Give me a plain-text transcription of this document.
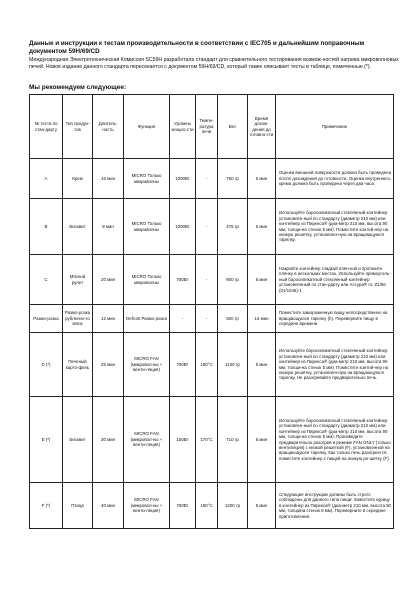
Данные и инструкции к тестам производительности в соответствии с IEC705 и дальнейшим поправочным документом 59H/69/CD
Международная Электротехническая Комиссия SC59H разработала стандарт для сравнительного тестирования возмож-ностей нагрева микроволновых печей. Новое издание данного стандарта пересекается с документом 59H/69/CD, который также описывает тесты в таблице, помеченные (*).
Мы рекомендуем следующее:
№ теста по стан-дарту	Тип продук-тов	Длитель-ность	Функция	Уровень мощно-сти	Темпе-ратура печи	Вес	Время дохож-дения до готовно-сти	Примечание
A	Крем	16 мин	MICRO Только микроволны	1000Вт	-	750 гр	5 мин	Оценка внешней поверхности должна быть проведена после дохождения до готовности. Оценка внутреннего крема должна быть проведена через два часа.
B	Бисквит	8 мин	MICRO Только микроволны	1000Вт	-	475 гр	5 мин	Используйте боросиликатный стеклянный контейнер установлен-ный по стандарту (диаметр 210 мм) или контейнер из Пирекса® (диа-метр 210 мм, высота 90 мм, толщи-на стенок 5 мм). Поместите контей-нер на низкую решётку, установлен-ную на вращающуюся тарелку.
C	Мясной рулет	20 мин	MICRO Только микроволны	750Вт	-	900 гр	5 мин	Накройте контейнер гладкой плён-кой и проткните плёнку в нескольких местах. Используйте прямоуголь-ный боросиликатный стеклянный контейнер установленный по стан-дарту или Ассура® nr. Z1/56 (01/1046)-1
Размо-розка	Размо-розка рубленно-го мяса	12 мин	Defrost Размо-розка	-	-	500 гр	15 мин	Поместите замороженную пищу непосредственно на вращающуюся тарелку (h). Переверните пищу в середине времени.
D (*)	Печеный карто-фель	25 мин	MICRO FAN (микровол-ны + венти-ляция)	750Вт	190°C	1100 гр	5 мин	Используйте боросиликатный стеклянный контейнер установлен-ный по стандарту (диаметр 210 мм) или контейнер из Пирекса® (диа-метр 210 мм, высота 90 мм, толщи-на стенок 5 мм). Поместите контей-нер на низкую решётку, установлен-ную на вращающуюся тарелку. Не разогревайте предварительно печь.
E (*)	Бисквит	30 мин	MICRO FAN (микровол-ны + венти-ляция)	150Вт	170°C	710 гр	5 мин	Используйте боросиликатный стеклянный контейнер установлен-ный по стандарту (диаметр 210 мм) или контейнер из Пирекса® (диа-метр 210 мм, высота 90 мм, толщи-на стенок 5 мм). Произведите предварительно разогрев в режиме FAN ONLY (только вентиляция) с низкой решёткой (F), установленной на вращающуюся тарелку. Как только печь разогреется, поместите контейнер с пищей на низкую ре-шётку (F).
F (*)	Птица	40 мин	MICRO FAN (микровол-ны + венти-ляция)	750Вт	190°C	1200 гр	5 мин	Следующие инструкции должны быть строго соблюдены для данного типа пищи: поместите курицу в контейнер из Пирекса® (диа-метр 210 мм, высота 50 мм, толщина стенок 5 мм). Переверните в середине приготовления.
